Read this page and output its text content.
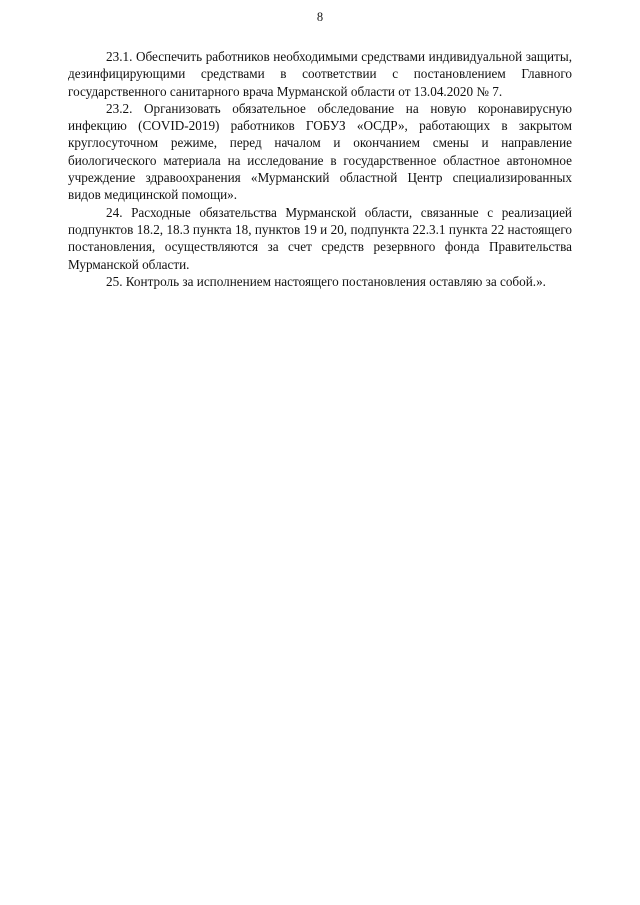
8

23.1. Обеспечить работников необходимыми средствами индивидуальной защиты, дезинфицирующими средствами в соответствии с постановлением Главного государственного санитарного врача Мурманской области от 13.04.2020 № 7.

23.2. Организовать обязательное обследование на новую коронавирусную инфекцию (COVID-2019) работников ГОБУЗ «ОСДР», работающих в закрытом круглосуточном режиме, перед началом и окончанием смены и направление биологического материала на исследование в государственное областное автономное учреждение здравоохранения «Мурманский областной Центр специализированных видов медицинской помощи».

24. Расходные обязательства Мурманской области, связанные с реализацией подпунктов 18.2, 18.3 пункта 18, пунктов 19 и 20, подпункта 22.3.1 пункта 22 настоящего постановления, осуществляются за счет средств резервного фонда Правительства Мурманской области.

25. Контроль за исполнением настоящего постановления оставляю за собой.».
